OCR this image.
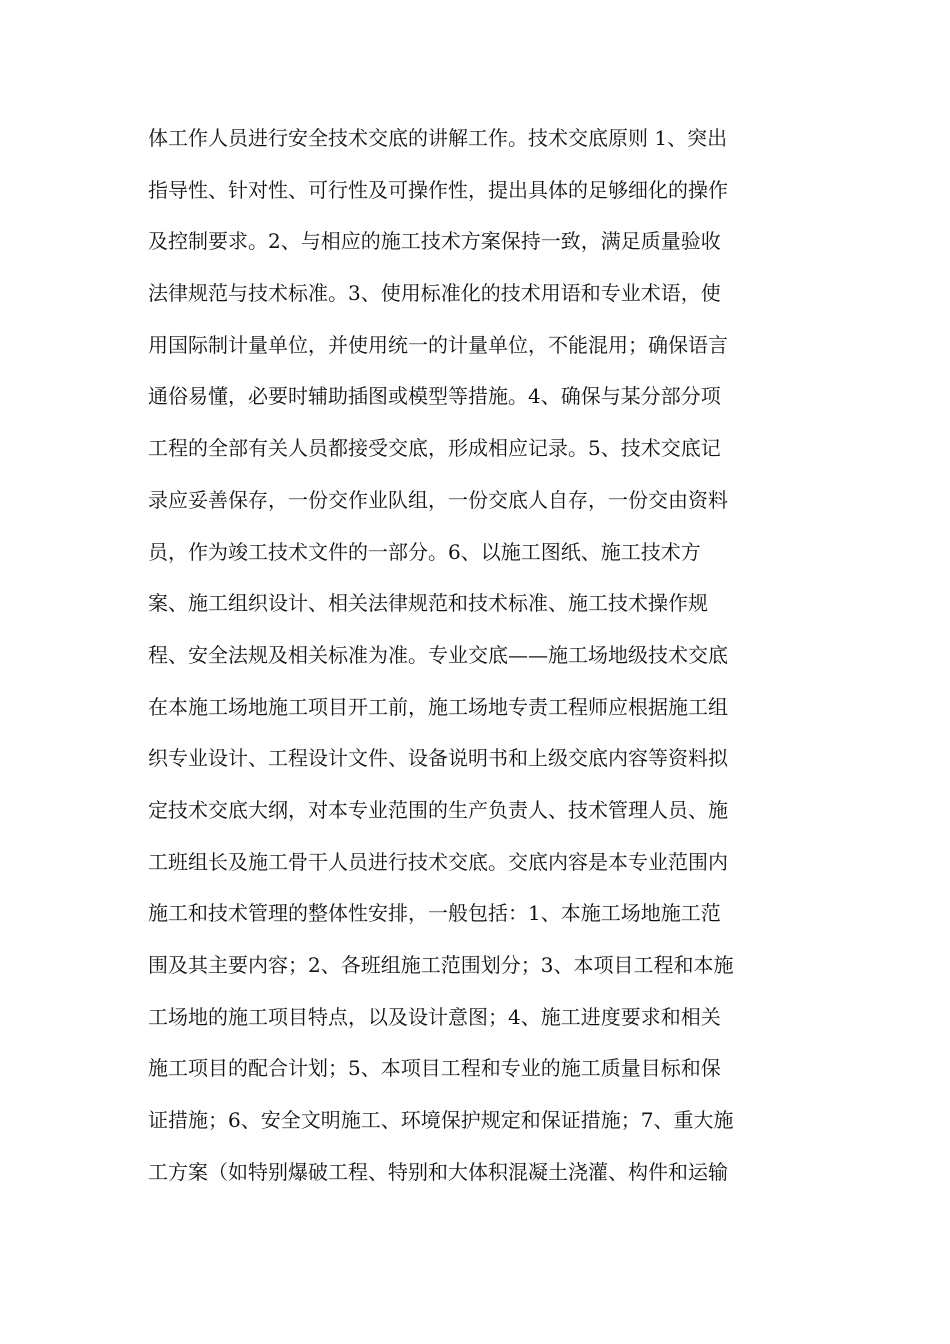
体工作人员进行安全技术交底的讲解工作。技术交底原则 1、突出
指导性、针对性、可行性及可操作性，提出具体的足够细化的操作
及控制要求。2、与相应的施工技术方案保持一致，满足质量验收
法律规范与技术标准。3、使用标准化的技术用语和专业术语，使
用国际制计量单位，并使用统一的计量单位，不能混用；确保语言
通俗易懂，必要时辅助插图或模型等措施。4、确保与某分部分项
工程的全部有关人员都接受交底，形成相应记录。5、技术交底记
录应妥善保存，一份交作业队组，一份交底人自存，一份交由资料
员，作为竣工技术文件的一部分。6、以施工图纸、施工技术方
案、施工组织设计、相关法律规范和技术标准、施工技术操作规
程、安全法规及相关标准为准。专业交底——施工场地级技术交底
在本施工场地施工项目开工前，施工场地专责工程师应根据施工组
织专业设计、工程设计文件、设备说明书和上级交底内容等资料拟
定技术交底大纲，对本专业范围的生产负责人、技术管理人员、施
工班组长及施工骨干人员进行技术交底。交底内容是本专业范围内
施工和技术管理的整体性安排，一般包括：1、本施工场地施工范
围及其主要内容；2、各班组施工范围划分；3、本项目工程和本施
工场地的施工项目特点，以及设计意图；4、施工进度要求和相关
施工项目的配合计划；5、本项目工程和专业的施工质量目标和保
证措施；6、安全文明施工、环境保护规定和保证措施；7、重大施
工方案（如特别爆破工程、特别和大体积混凝土浇灌、构件和运输
